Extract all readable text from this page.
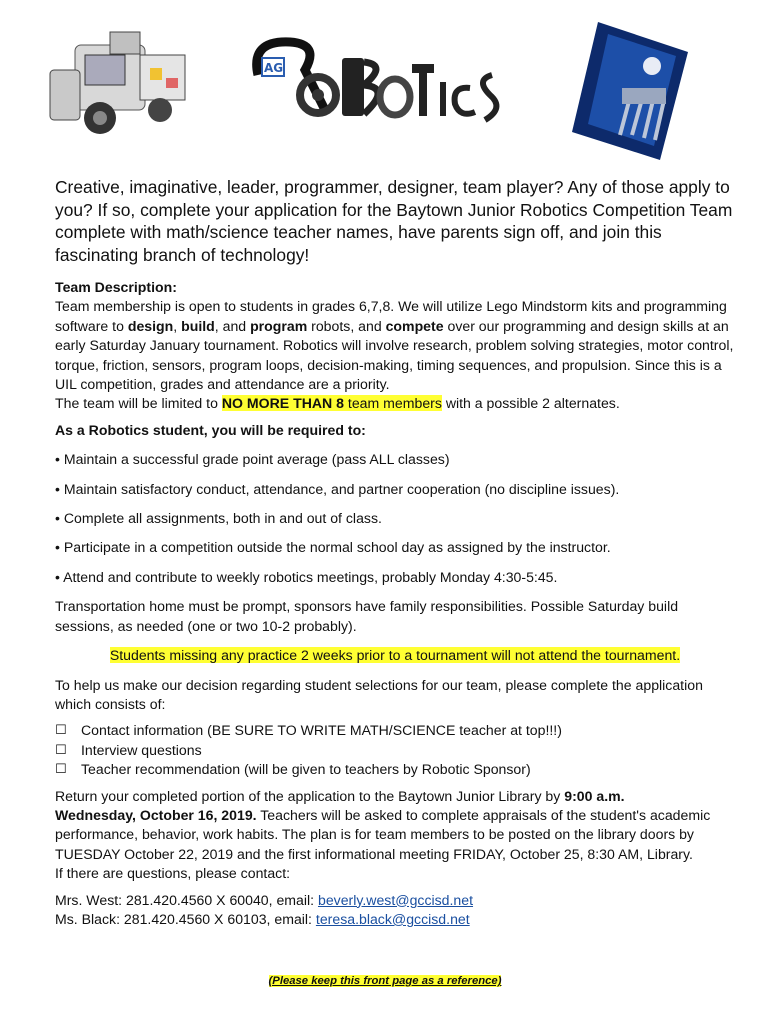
AG
Creative, imaginative, leader, programmer, designer, team player? Any of those apply to you? If so, complete your application for the Baytown Junior Robotics Competition Team complete with math/science teacher names, have parents sign off, and join this fascinating branch of technology!

Team Description:

Team membership is open to students in grades 6,7,8. We will utilize Lego Mindstorm kits and programming software to design, build, and program robots, and compete over our programming and design skills at an early Saturday January tournament. Robotics will involve research, problem solving strategies, motor control, torque, friction, sensors, program loops, decision-making, timing sequences, and propulsion. Since this is a UIL competition, grades and attendance are a priority.

The team will be limited to NO MORE THAN 8 team members with a possible 2 alternates.

As a Robotics student, you will be required to:

• Maintain a successful grade point average (pass ALL classes)

• Maintain satisfactory conduct, attendance, and partner cooperation (no discipline issues).

• Complete all assignments, both in and out of class.

• Participate in a competition outside the normal school day as assigned by the instructor.

• Attend and contribute to weekly robotics meetings, probably Monday 4:30-5:45.

Transportation home must be prompt, sponsors have family responsibilities. Possible Saturday build sessions, as needed (one or two 10-2 probably).

Students missing any practice 2 weeks prior to a tournament will not attend the tournament.

To help us make our decision regarding student selections for our team, please complete the application which consists of:

☐	Contact information (BE SURE TO WRITE MATH/SCIENCE teacher at top!!!)
☐	Interview questions
☐	Teacher recommendation (will be given to teachers by Robotic Sponsor)

Return your completed portion of the application to the Baytown Junior Library by 9:00 a.m.
Wednesday, October 16, 2019. Teachers will be asked to complete appraisals of the student's academic performance, behavior, work habits. The plan is for team members to be posted on the library doors by TUESDAY October 22, 2019 and the first informational meeting FRIDAY, October 25, 8:30 AM, Library.

If there are questions, please contact:

Mrs. West: 281.420.4560 X 60040, email: beverly.west@gccisd.net

Ms. Black: 281.420.4560 X 60103, email: teresa.black@gccisd.net

(Please keep this front page as a reference)
